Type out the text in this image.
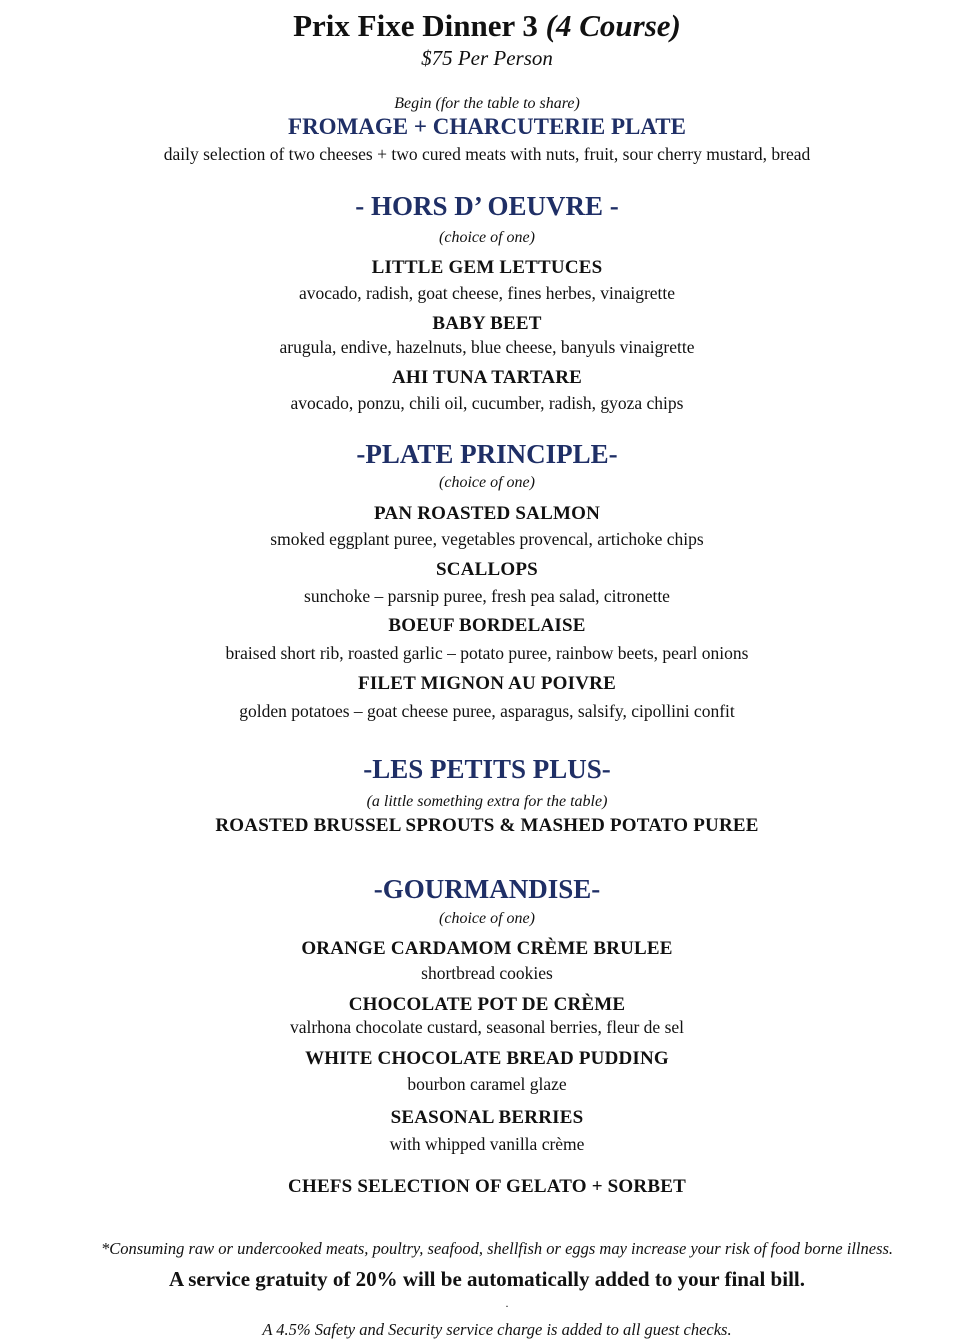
Prix Fixe Dinner 3 (4 Course)
$75 Per Person
Begin (for the table to share)
FROMAGE + CHARCUTERIE PLATE
daily selection of two cheeses + two cured meats with nuts, fruit, sour cherry mustard, bread
- HORS D’ OEUVRE -
(choice of one)
LITTLE GEM LETTUCES
avocado, radish, goat cheese, fines herbes, vinaigrette
BABY BEET
arugula, endive, hazelnuts, blue cheese, banyuls vinaigrette
AHI TUNA TARTARE
avocado, ponzu, chili oil, cucumber, radish, gyoza chips
-PLATE PRINCIPLE-
(choice of one)
PAN ROASTED SALMON
smoked eggplant puree, vegetables provencal, artichoke chips
SCALLOPS
sunchoke – parsnip puree, fresh pea salad, citronette
BOEUF BORDELAISE
braised short rib, roasted garlic – potato puree, rainbow beets, pearl onions
FILET MIGNON AU POIVRE
golden potatoes – goat cheese puree, asparagus, salsify, cipollini confit
-LES PETITS PLUS-
(a little something extra for the table)
ROASTED BRUSSEL SPROUTS & MASHED POTATO PUREE
-GOURMANDISE-
(choice of one)
ORANGE CARDAMOM CRÈME BRULEE
shortbread cookies
CHOCOLATE POT DE CRÈME
valrhona chocolate custard, seasonal berries, fleur de sel
WHITE CHOCOLATE BREAD PUDDING
bourbon caramel glaze
SEASONAL BERRIES
with whipped vanilla crème
CHEFS SELECTION OF GELATO + SORBET
*Consuming raw or undercooked meats, poultry, seafood, shellfish or eggs may increase your risk of food borne illness.
A service gratuity of 20% will be automatically added to your final bill.
.
A 4.5% Safety and Security service charge is added to all guest checks.
